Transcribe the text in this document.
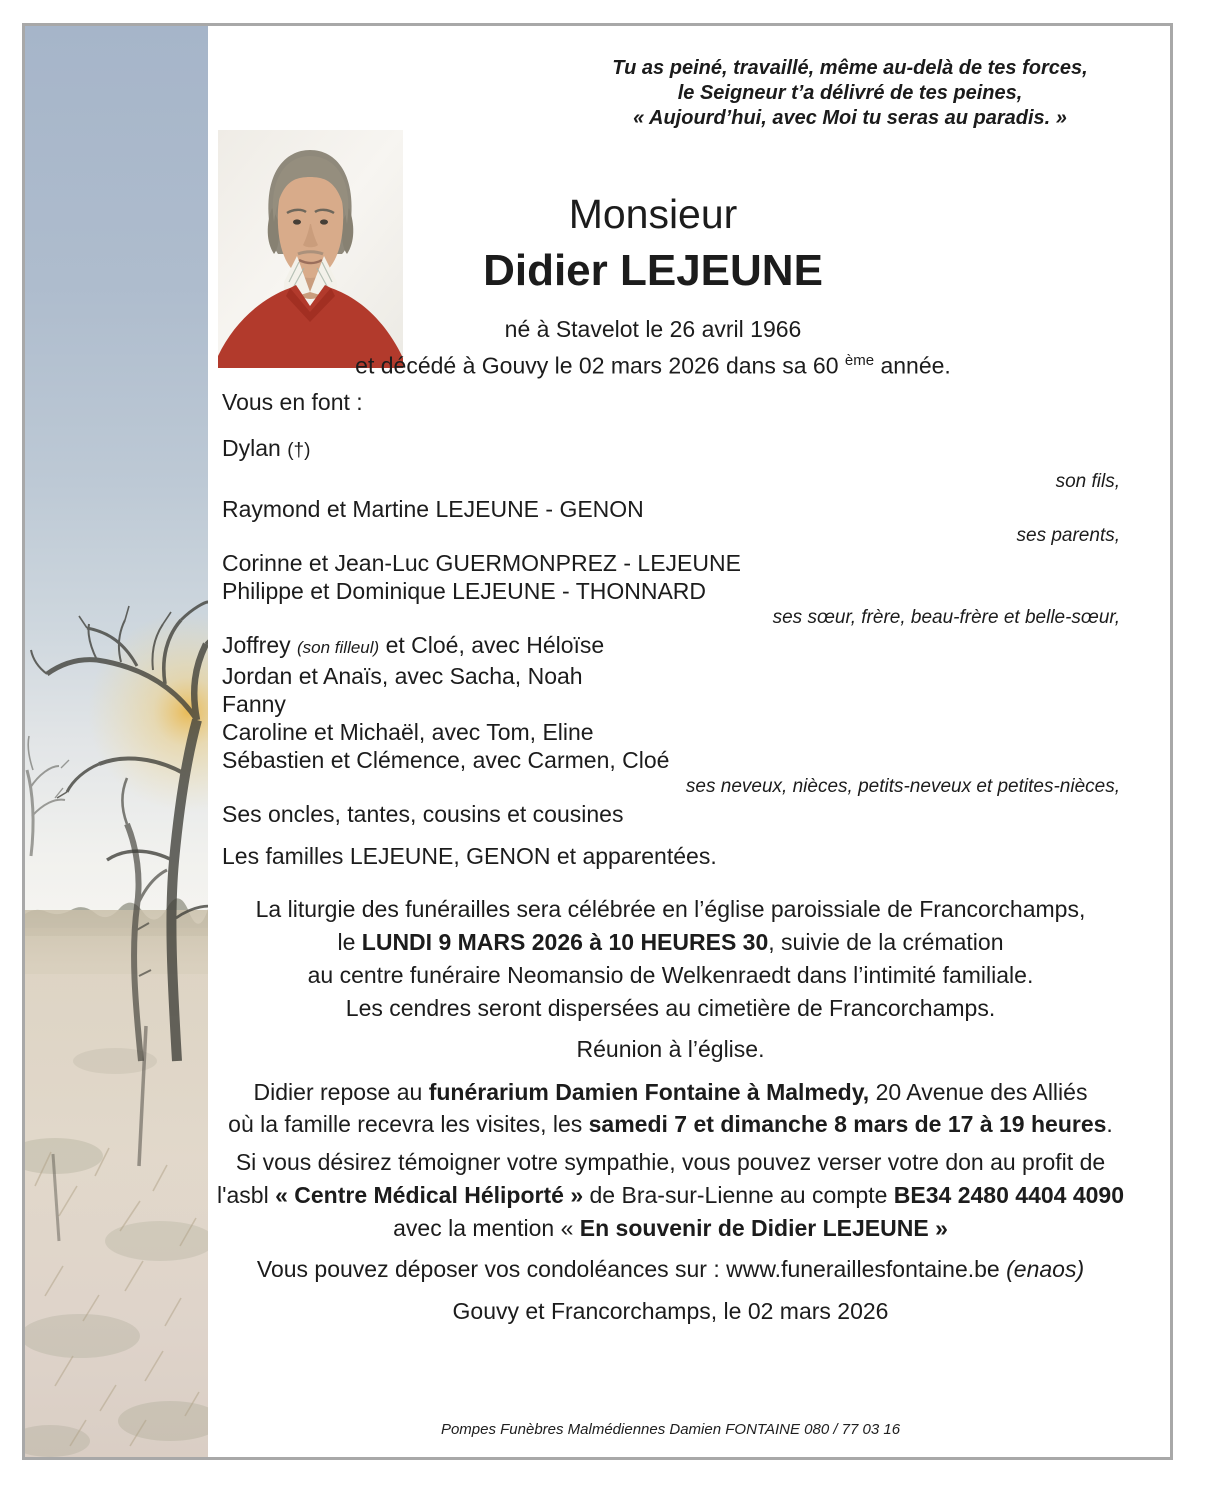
Tu as peiné, travaillé, même au-delà de tes forces,
le Seigneur t’a délivré de tes peines,
« Aujourd’hui, avec Moi tu seras au paradis. »
Monsieur
Didier LEJEUNE
né à Stavelot le 26 avril 1966
et décédé à Gouvy le 02 mars 2026 dans sa 60 $^{ème}$ année.
Vous en font :
Dylan (†)
son fils,
Raymond et Martine LEJEUNE - GENON
ses parents,
Corinne et Jean-Luc GUERMONPREZ - LEJEUNE
Philippe et Dominique LEJEUNE - THONNARD
ses sœur, frère, beau-frère et belle-sœur,
Joffrey (son filleul) et Cloé, avec Héloïse
Jordan et Anaïs, avec Sacha, Noah
Fanny
Caroline et Michaël, avec Tom, Eline
Sébastien et Clémence, avec Carmen, Cloé
ses neveux, nièces, petits-neveux et petites-nièces,
Ses oncles, tantes, cousins et cousines
Les familles LEJEUNE, GENON et apparentées.
La liturgie des funérailles sera célébrée en l’église paroissiale de Francorchamps,
le LUNDI 9 MARS 2026 à 10 HEURES 30, suivie de la crémation
au centre funéraire Neomansio de Welkenraedt dans l’intimité familiale.
Les cendres seront dispersées au cimetière de Francorchamps.
Réunion à l’église.
Didier repose au funérarium Damien Fontaine à Malmedy, 20 Avenue des Alliés
où la famille recevra les visites, les samedi 7 et dimanche 8 mars de 17 à 19 heures.
Si vous désirez témoigner votre sympathie, vous pouvez verser votre don au profit de
l'asbl « Centre Médical Héliporté » de Bra-sur-Lienne au compte BE34 2480 4404 4090
avec la mention « En souvenir de Didier LEJEUNE »
Vous pouvez déposer vos condoléances sur : www.funeraillesfontaine.be (enaos)
Gouvy et Francorchamps, le 02 mars 2026
Pompes Funèbres Malmédiennes Damien FONTAINE 080 / 77 03 16
